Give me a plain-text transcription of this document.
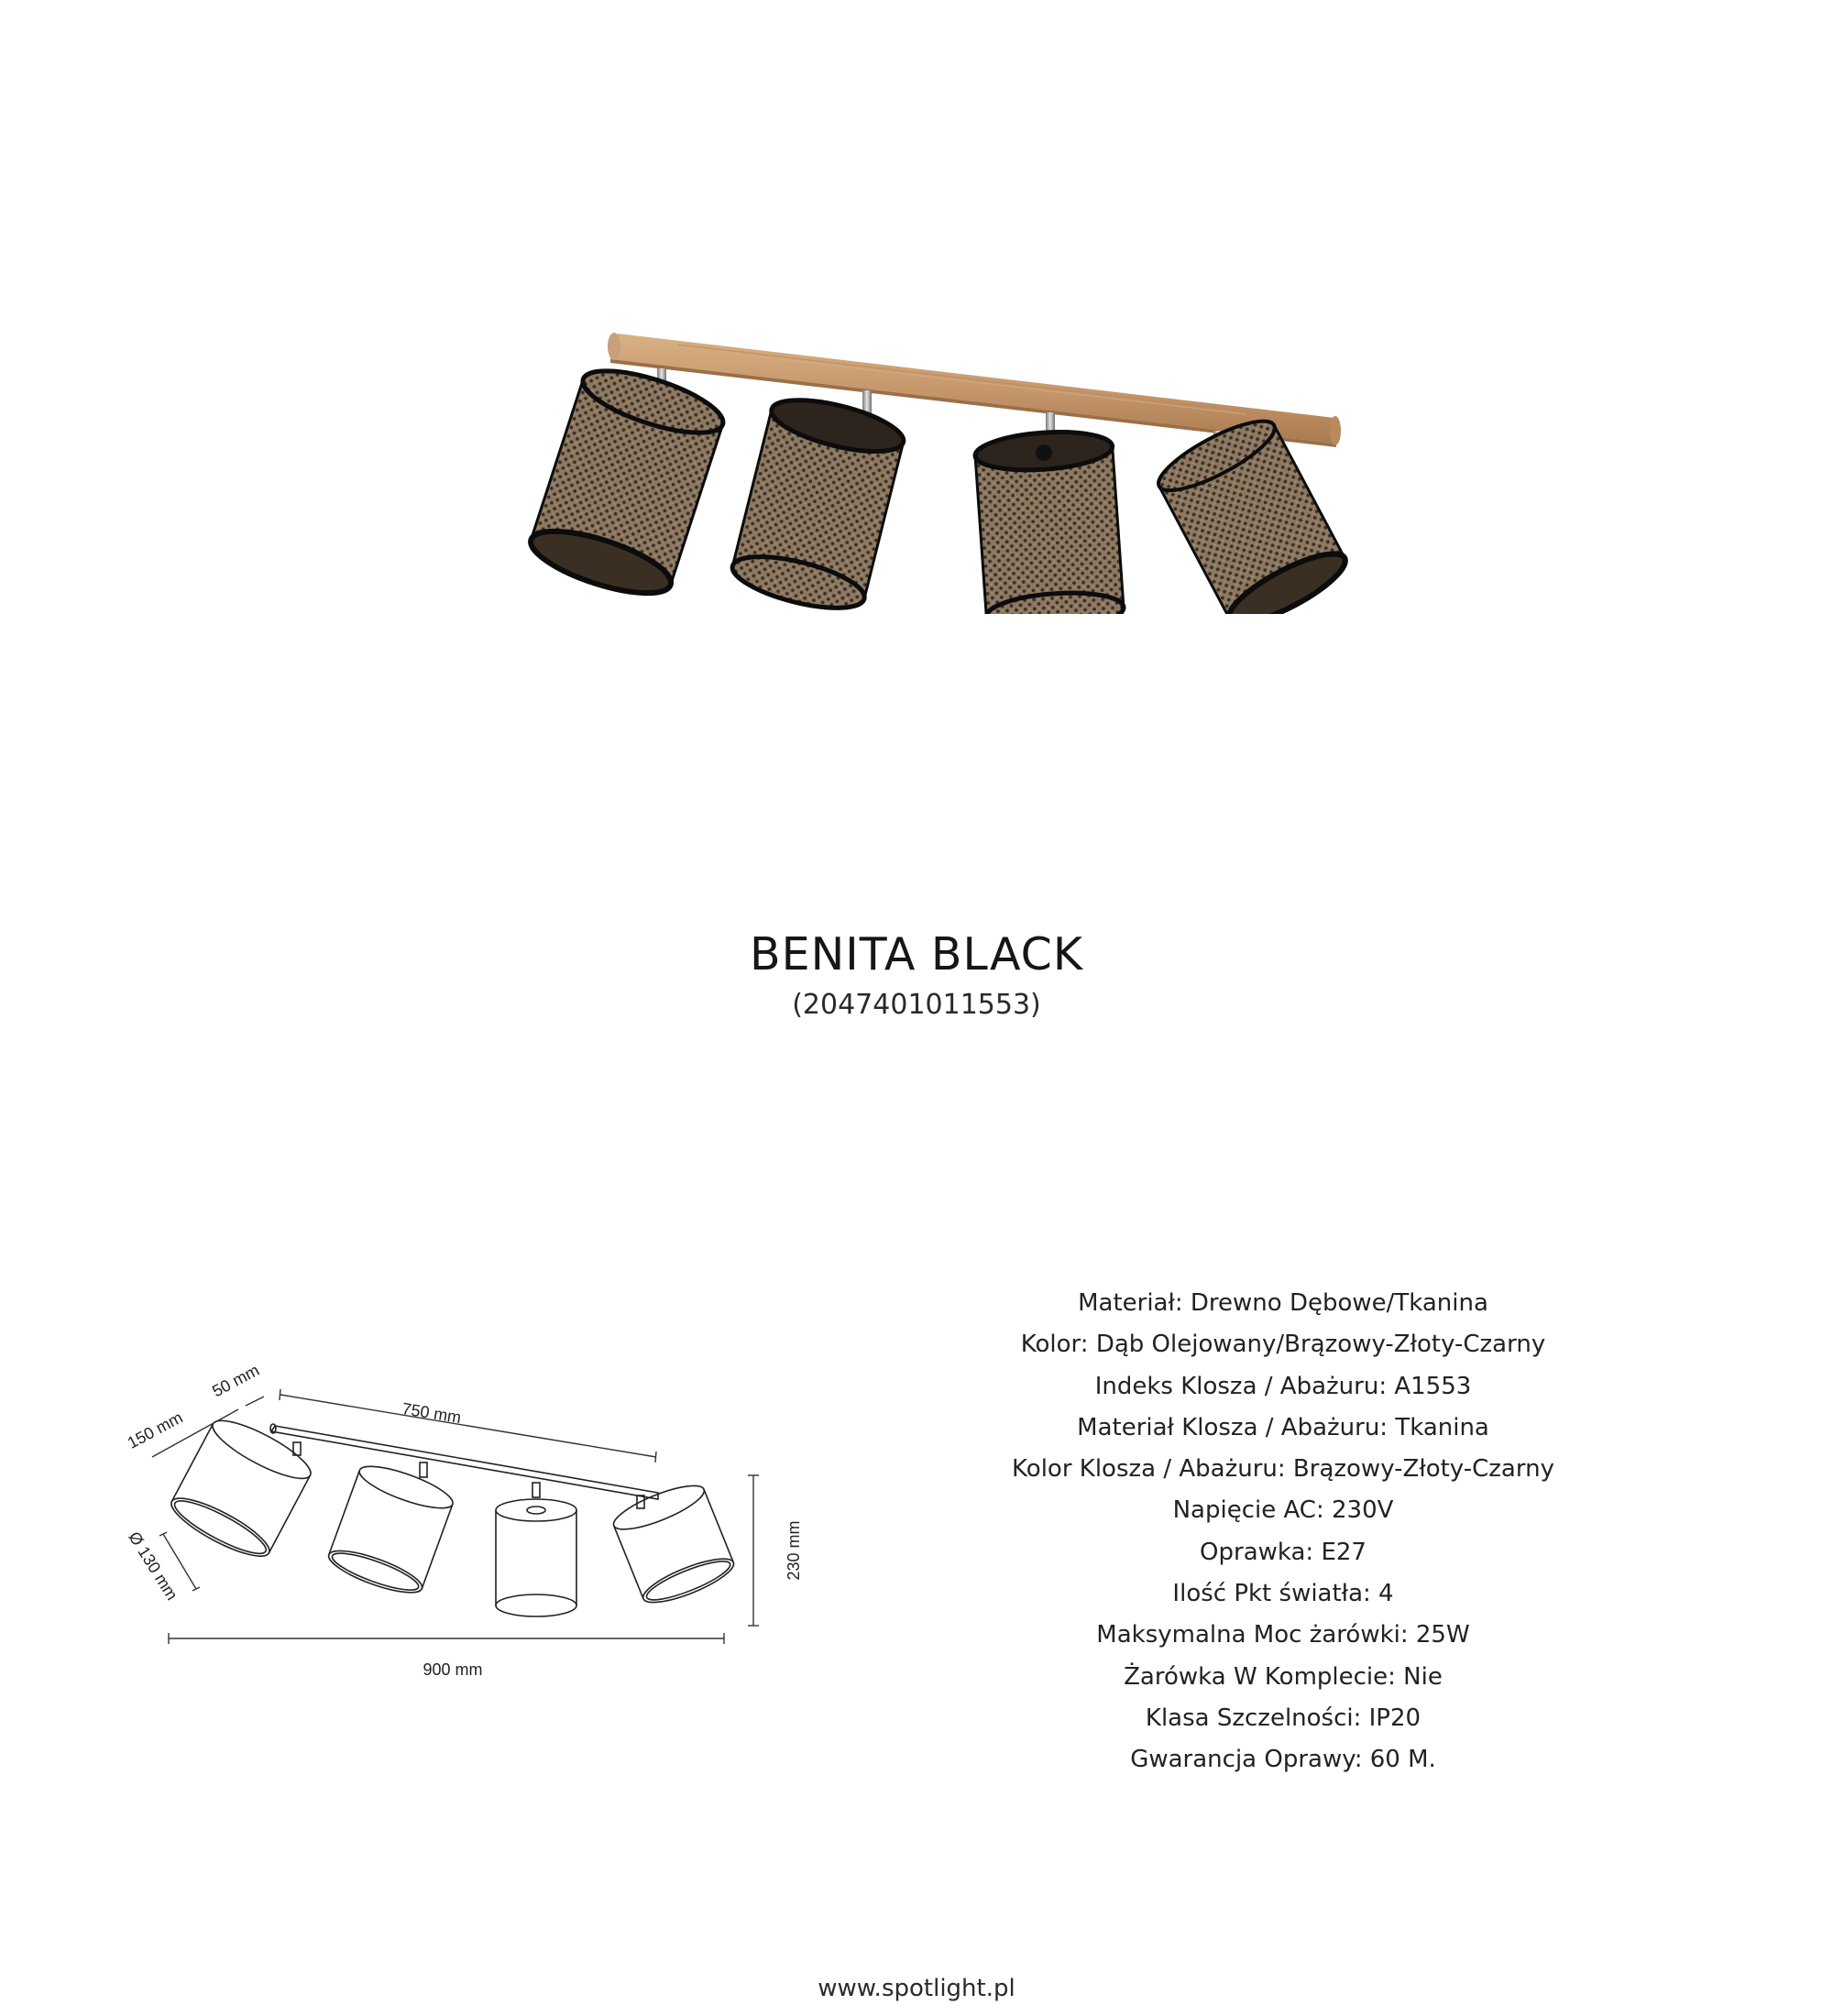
BENITA BLACK
(2047401011553)
750 mm
150 mm
50 mm
Ø 130 mm	230 mm
900 mm
Materiał: Drewno Dębowe/Tkanina
Kolor: Dąb Olejowany/Brązowy-Złoty-Czarny
Indeks Klosza / Abażuru: A1553
Materiał Klosza / Abażuru: Tkanina
Kolor Klosza / Abażuru: Brązowy-Złoty-Czarny
Napięcie AC: 230V
Oprawka: E27
Ilość Pkt światła: 4
Maksymalna Moc żarówki: 25W
Żarówka W Komplecie: Nie
Klasa Szczelności: IP20
Gwarancja Oprawy: 60 M.
www.spotlight.pl
